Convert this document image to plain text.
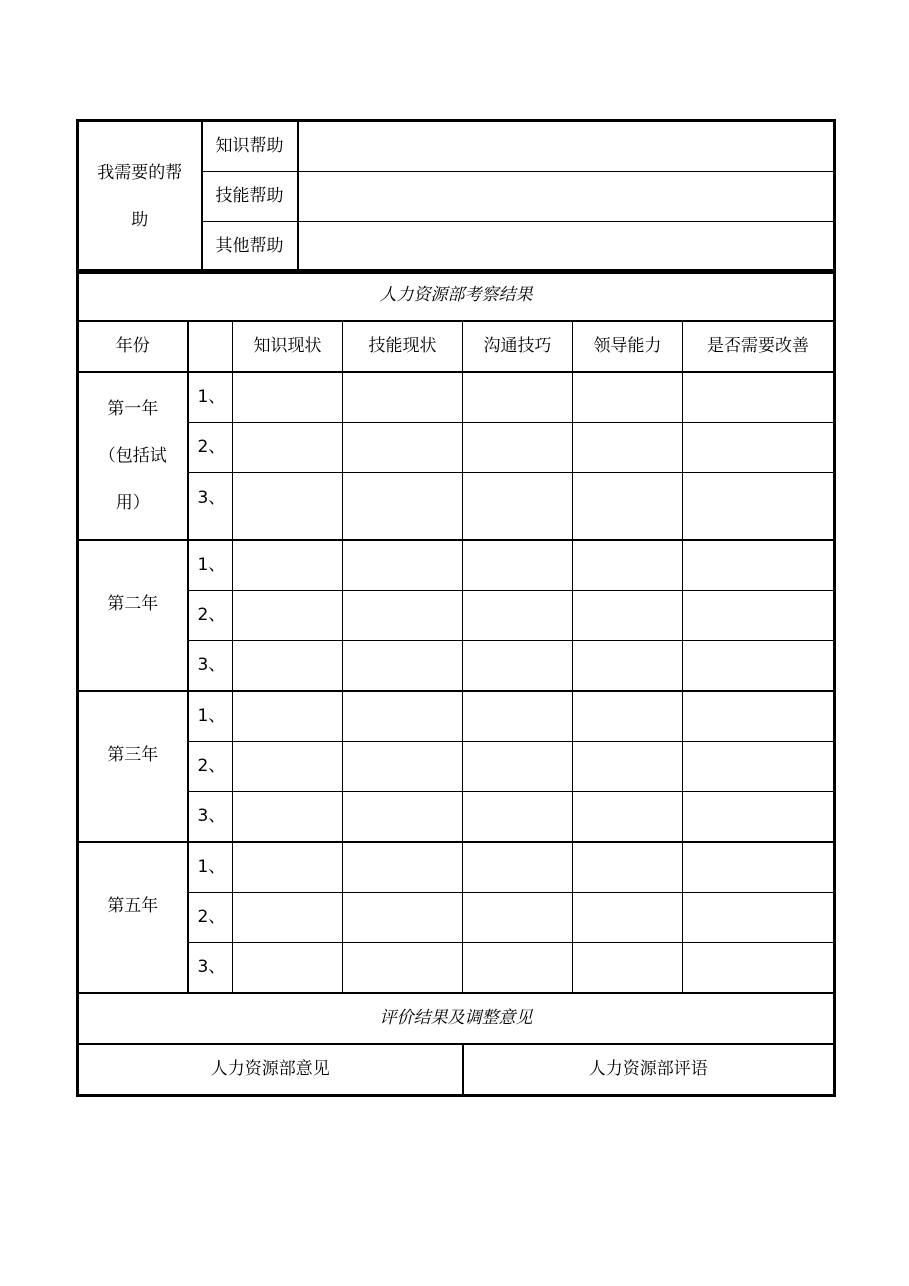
我需要的帮助	知识帮助	
	技能帮助	
	其他帮助	
人力资源部考察结果						
年份		知识现状	技能现状	沟通技巧	领导能力	是否需要改善

第一年（包括试用）	1、					
	2、					
	3、					
第二年	1、					
	2、					
	3、					
第三年	1、					
	2、					
	3、					
第五年	1、					
	2、					
	3、					
评价结果及调整意见						
人力资源部意见				人力资源部评语		
